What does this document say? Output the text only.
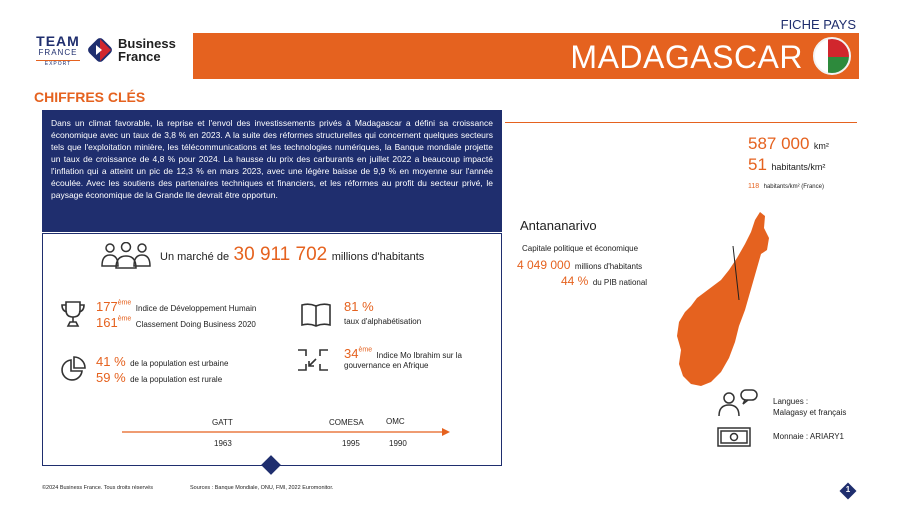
TEAM
FRANCE
EXPORT
Business
France
FICHE PAYS
MADAGASCAR
CHIFFRES CLÉS

Dans un climat favorable, la reprise et l'envol des investissements privés à Madagascar a défini sa croissance économique avec un taux de 3,8 % en 2023. A la suite des réformes structurelles qui concernent quelques secteurs tels que l'exploitation minière, les télécommunications et les technologies numériques, la Banque mondiale projette un taux de croissance de 4,8 % pour 2024. La hausse du prix des carburants en juillet 2022 a beaucoup impacté l'inflation qui a atteint un pic de 12,3 % en mars 2023, avec une légère baisse de 9,9 % en moyenne sur l'année écoulée. Avec les soutiens des partenaires techniques et financiers, et les réformes au profit du secteur privé, le paysage économique de la Grande Ile devrait être opportun.

Un marché de 30 911 702 millions d'habitants
177ème Indice de Développement Humain
161ème Classement Doing Business 2020
81 %
taux d'alphabétisation
41 % de la population est urbaine
59 % de la population est rurale
34ème Indice Mo Ibrahim sur la
gouvernance en Afrique
GATT	COMESA	OMC
1963	1995	1990
587 000 km²
51 habitants/km²
118 habitants/km² (France)
Antananarivo
Capitale politique et économique
4 049 000 millions d'habitants
44 % du PIB national
Langues :
Malagasy et français
Monnaie : ARIARY1
©2024 Business France. Tous droits réservés	Sources : Banque Mondiale, ONU, FMI, 2022 Euromonitor.	1
